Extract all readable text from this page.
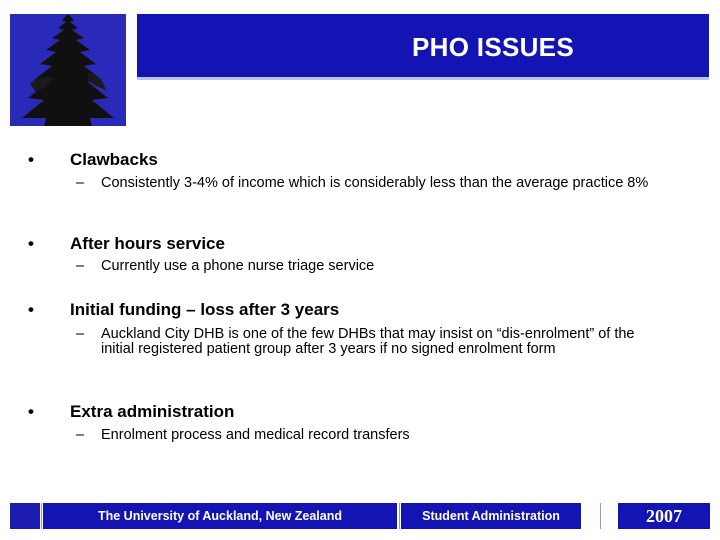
PHO ISSUES
• Clawbacks
– Consistently 3-4% of income which is considerably less than the average practice 8%
• After hours service
– Currently use a phone nurse triage service
• Initial funding – loss after 3 years
– Auckland City DHB is one of the few DHBs that may insist on “dis-enrolment” of the initial registered patient group after 3 years if no signed enrolment form
• Extra administration
– Enrolment process and medical record transfers
The University of Auckland, New Zealand	Student Administration	2007
